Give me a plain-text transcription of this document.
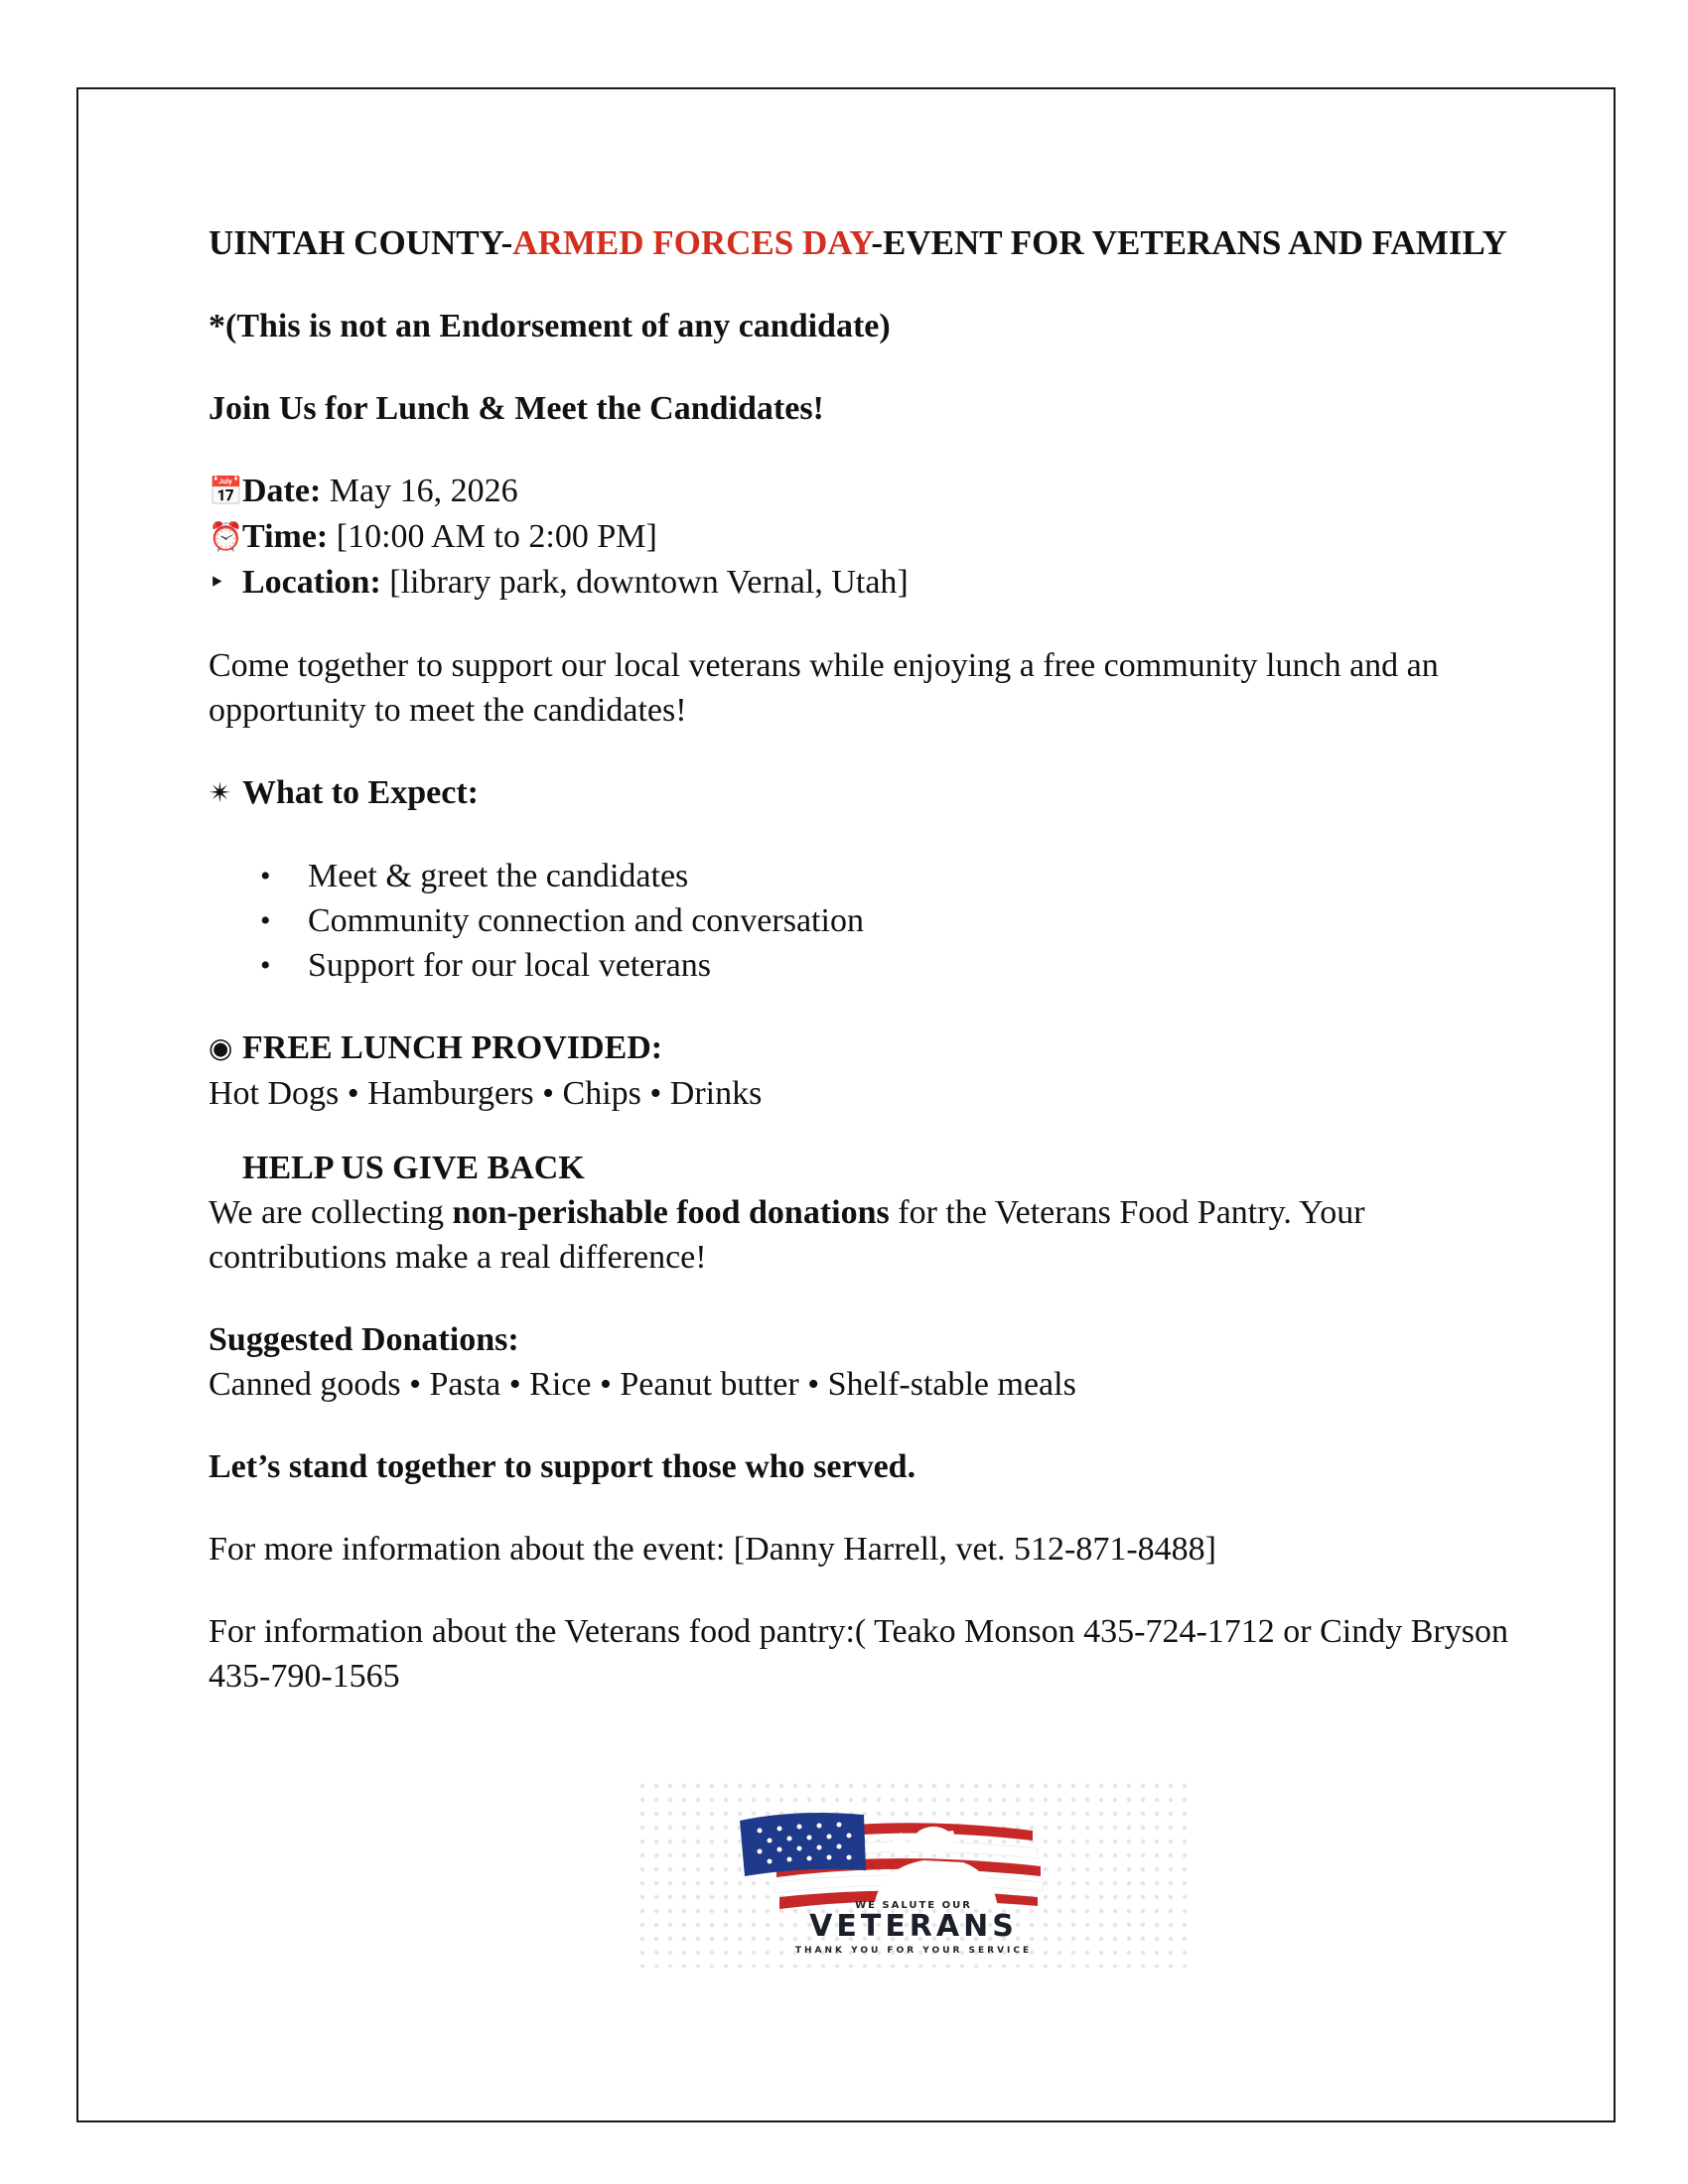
UINTAH COUNTY-ARMED FORCES DAY-EVENT FOR VETERANS AND FAMILY

*(This is not an Endorsement of any candidate)

Join Us for Lunch & Meet the Candidates!

📅Date: May 16, 2026

⏰Time: [10:00 AM to 2:00 PM]

‣ Location: [library park, downtown Vernal, Utah]

Come together to support our local veterans while enjoying a free community lunch and an opportunity to meet the candidates!

✴ What to Expect:

• Meet & greet the candidates
• Community connection and conversation
• Support for our local veterans

◉ FREE LUNCH PROVIDED:

Hot Dogs • Hamburgers • Chips • Drinks

HELP US GIVE BACK

We are collecting non-perishable food donations for the Veterans Food Pantry. Your contributions make a real difference!

Suggested Donations:

Canned goods • Pasta • Rice • Peanut butter • Shelf-stable meals

Let’s stand together to support those who served.

For more information about the event: [Danny Harrell, vet. 512-871-8488]

For information about the Veterans food pantry:( Teako Monson 435-724-1712 or Cindy Bryson 435-790-1565

WE SALUTE OUR
VETERANS
THANK YOU FOR YOUR SERVICE
